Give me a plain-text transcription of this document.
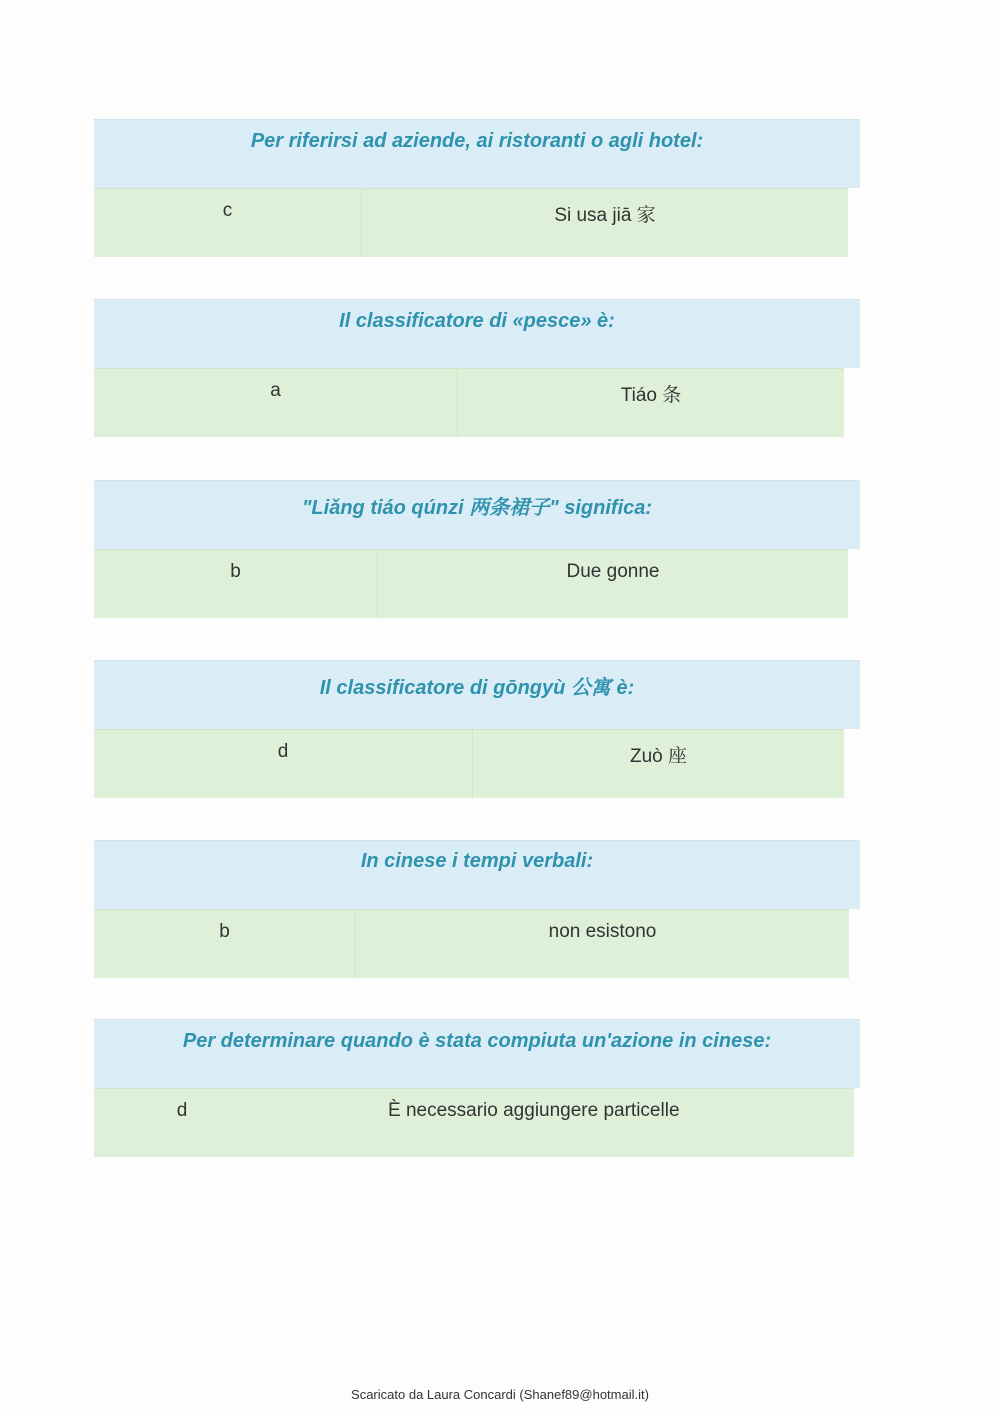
Per riferirsi ad aziende, ai ristoranti o agli hotel:
c	Si usa jiā 家
Il classificatore di «pesce» è:
a	Tiáo 条
"Liǎng tiáo qúnzi 两条裙子" significa:
b	Due gonne
Il classificatore di gōngyù 公寓 è:
d	Zuò 座
In cinese i tempi verbali:
b	non esistono
Per determinare quando è stata compiuta un'azione in cinese:
d	È necessario aggiungere particelle
Scaricato da Laura Concardi (Shanef89@hotmail.it)
